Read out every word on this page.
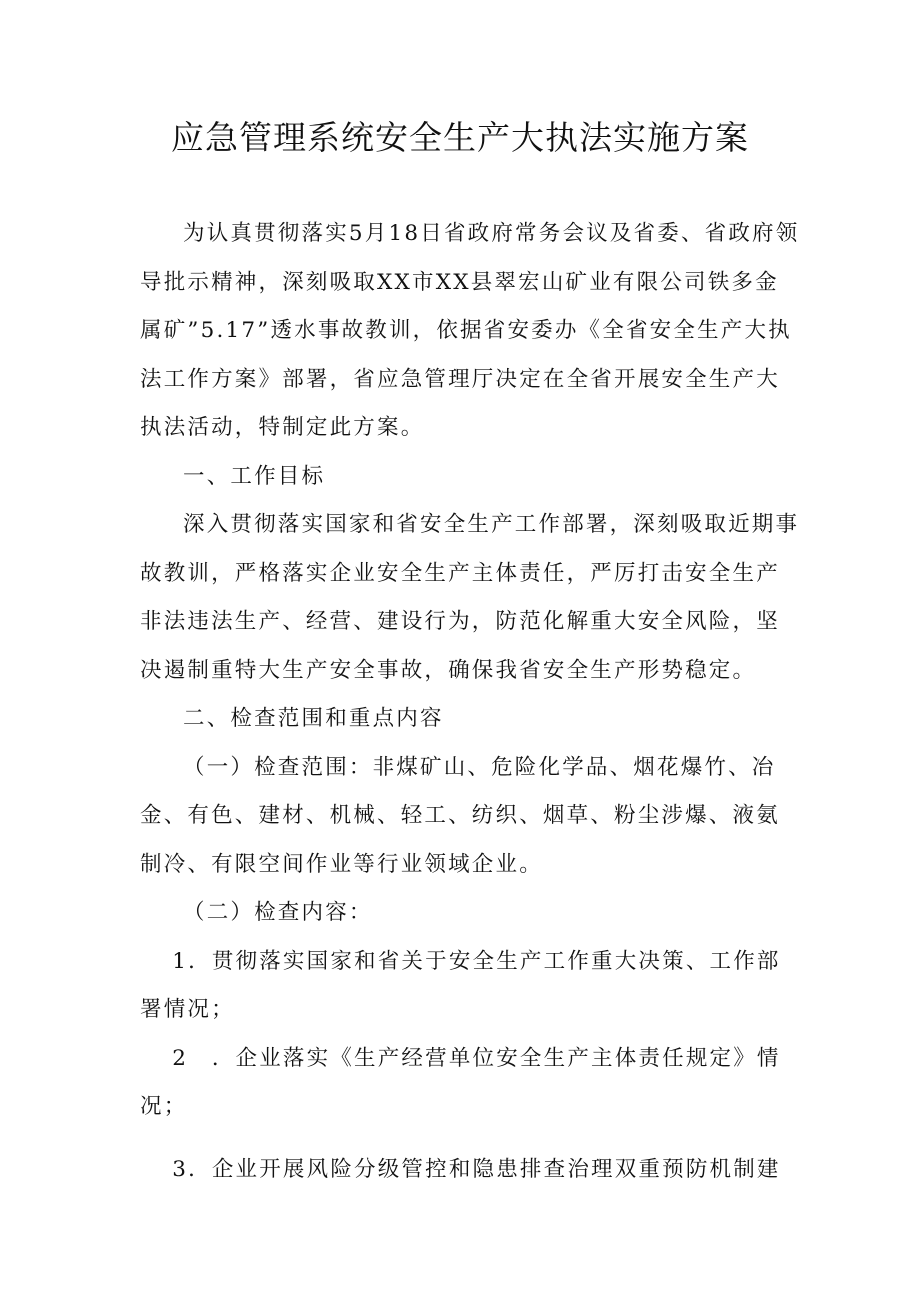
应急管理系统安全生产大执法实施方案

为认真贯彻落实5月18日省政府常务会议及省委、省政府领导批示精神，深刻吸取XX市XX县翠宏山矿业有限公司铁多金属矿”5.17”透水事故教训，依据省安委办《全省安全生产大执法工作方案》部署，省应急管理厅决定在全省开展安全生产大执法活动，特制定此方案。

一、工作目标

深入贯彻落实国家和省安全生产工作部署，深刻吸取近期事故教训，严格落实企业安全生产主体责任，严厉打击安全生产非法违法生产、经营、建设行为，防范化解重大安全风险，坚决遏制重特大生产安全事故，确保我省安全生产形势稳定。

二、检查范围和重点内容

（一）检查范围：非煤矿山、危险化学品、烟花爆竹、冶金、有色、建材、机械、轻工、纺织、烟草、粉尘涉爆、液氨制冷、有限空间作业等行业领域企业。

（二）检查内容：

1．贯彻落实国家和省关于安全生产工作重大决策、工作部署情况；

2　．企业落实《生产经营单位安全生产主体责任规定》情况；

3．企业开展风险分级管控和隐患排查治理双重预防机制建
